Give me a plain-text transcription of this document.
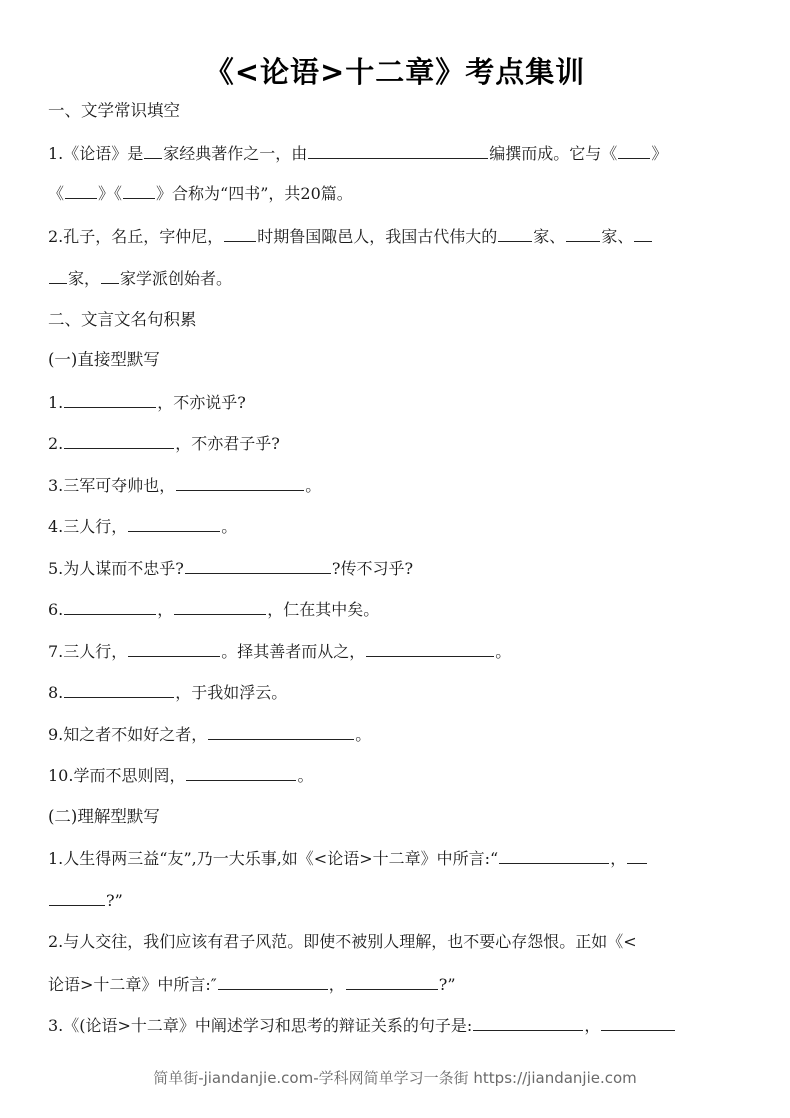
《<论语>十二章》考点集训
一、文学常识填空
1.《论语》是 家经典著作之一，由	编撰而成。它与《 》
《 》《 》合称为“四书”，共20篇。
2.孔子，名丘，字仲尼， 时期鲁国陬邑人，我国古代伟大的 家、 家、
家， 家学派创始者。
二、文言文名句积累
(一)直接型默写
1.	，不亦说乎?
2.	，不亦君子乎?
3.三军可夺帅也，	。
4.三人行，	。
5.为人谋而不忠乎?	?传不习乎?
6.	，	，仁在其中矣。
7.三人行，	。择其善者而从之，	。
8.	，于我如浮云。
9.知之者不如好之者，	。
10.学而不思则罔，	。
(二)理解型默写
1.人生得两三益“友”,乃一大乐事,如《<论语>十二章》中所言:“	，
?”
2.与人交往，我们应该有君子风范。即使不被别人理解，也不要心存怨恨。正如《<
论语>十二章》中所言:″	，	?”
3.《(论语>十二章》中阐述学习和思考的辩证关系的句子是:	，
简单街-jiandanjie.com-学科网简单学习一条街 https://jiandanjie.com
